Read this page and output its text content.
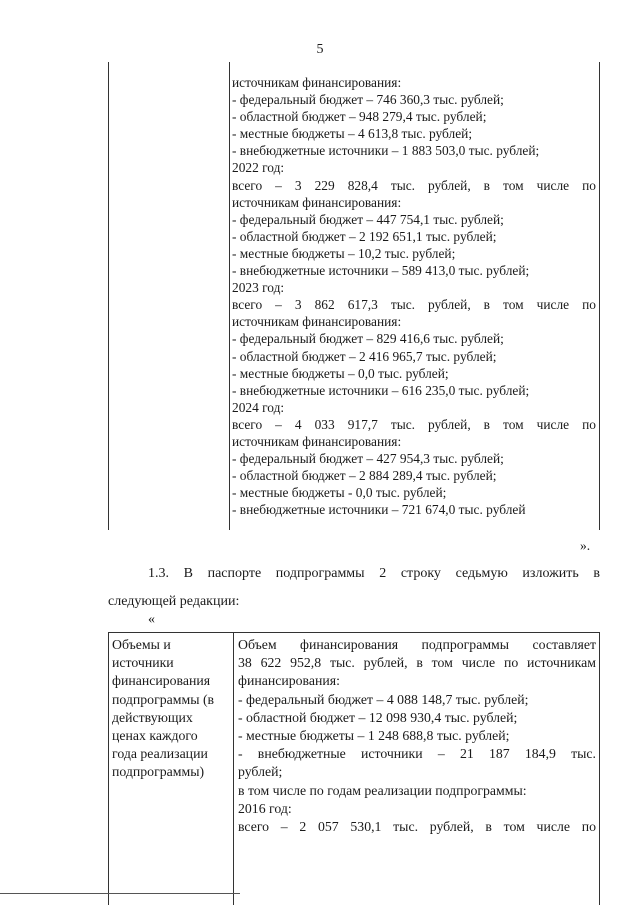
5
источникам финансирования:
- федеральный бюджет – 746 360,3 тыс. рублей;
- областной бюджет – 948 279,4 тыс. рублей;
- местные бюджеты – 4 613,8 тыс. рублей;
- внебюджетные источники – 1 883 503,0 тыс. рублей;
2022 год:
всего – 3 229 828,4 тыс. рублей, в том числе по
источникам финансирования:
- федеральный бюджет – 447 754,1 тыс. рублей;
- областной бюджет – 2 192 651,1 тыс. рублей;
- местные бюджеты – 10,2 тыс. рублей;
- внебюджетные источники – 589 413,0 тыс. рублей;
2023 год:
всего – 3 862 617,3 тыс. рублей, в том числе по
источникам финансирования:
- федеральный бюджет – 829 416,6 тыс. рублей;
- областной бюджет – 2 416 965,7 тыс. рублей;
- местные бюджеты – 0,0 тыс. рублей;
- внебюджетные источники – 616 235,0 тыс. рублей;
2024 год:
всего – 4 033 917,7 тыс. рублей, в том числе по
источникам финансирования:
- федеральный бюджет – 427 954,3 тыс. рублей;
- областной бюджет – 2 884 289,4 тыс. рублей;
- местные бюджеты - 0,0 тыс. рублей;
- внебюджетные источники – 721 674,0 тыс. рублей
».
1.3. В паспорте подпрограммы 2 строку седьмую изложить в
следующей редакции:
«
Объемы и
источники
финансирования
подпрограммы (в
действующих
ценах каждого
года реализации
подпрограммы)
Объем финансирования подпрограммы составляет
38 622 952,8 тыс. рублей, в том числе по источникам
финансирования:
- федеральный бюджет – 4 088 148,7 тыс. рублей;
- областной бюджет – 12 098 930,4 тыс. рублей;
- местные бюджеты – 1 248 688,8 тыс. рублей;
- внебюджетные источники – 21 187 184,9 тыс.
рублей;
в том числе по годам реализации подпрограммы:
2016 год:
всего – 2 057 530,1 тыс. рублей, в том числе по
